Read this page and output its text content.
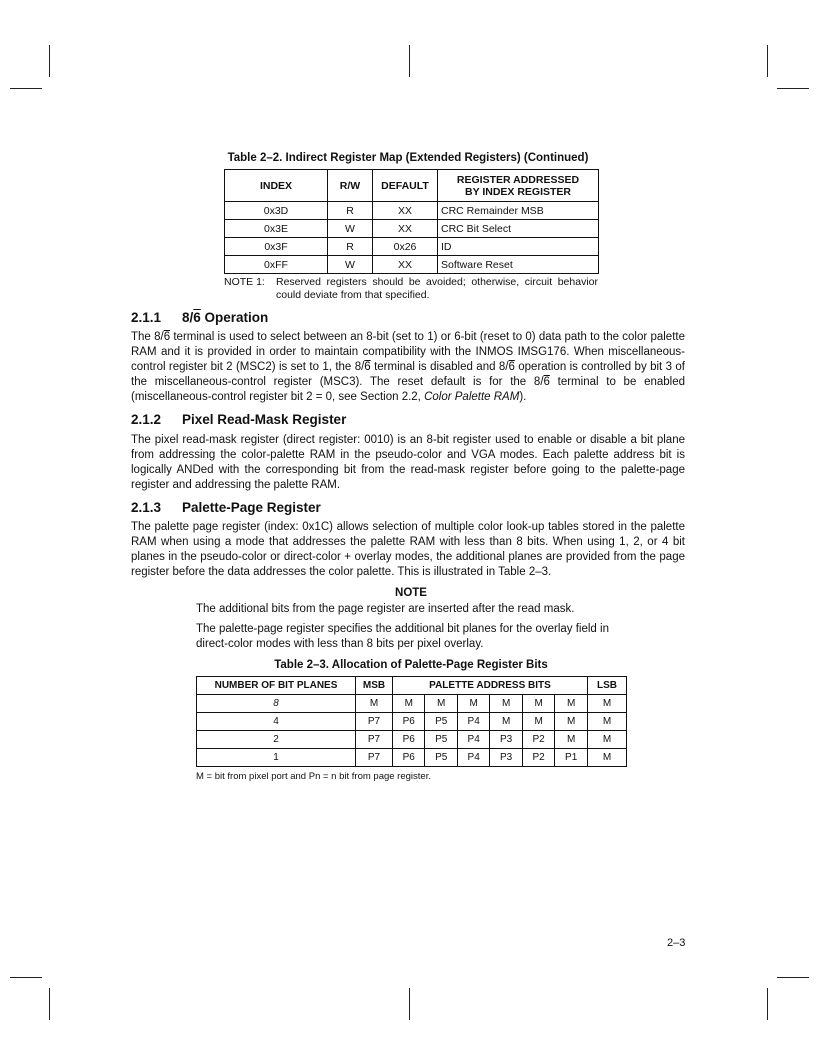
Table 2–2. Indirect Register Map (Extended Registers) (Continued)
INDEX	R/W	DEFAULT	REGISTER ADDRESSED
BY INDEX REGISTER
0x3D	R	XX	CRC Remainder MSB
0x3E	W	XX	CRC Bit Select
0x3F	R	0x26	ID
0xFF	W	XX	Software Reset
NOTE 1: Reserved registers should be avoided; otherwise, circuit behavior could deviate from that specified.
2.1.1 8/6 Operation

The 8/6 terminal is used to select between an 8-bit (set to 1) or 6-bit (reset to 0) data path to the color palette RAM and it is provided in order to maintain compatibility with the INMOS IMSG176. When miscellaneous-control register bit 2 (MSC2) is set to 1, the 8/6 terminal is disabled and 8/6 operation is controlled by bit 3 of the miscellaneous-control register (MSC3). The reset default is for the 8/6 terminal to be enabled (miscellaneous-control register bit 2 = 0, see Section 2.2, Color Palette RAM).

2.1.2 Pixel Read-Mask Register

The pixel read-mask register (direct register: 0010) is an 8-bit register used to enable or disable a bit plane from addressing the color-palette RAM in the pseudo-color and VGA modes. Each palette address bit is logically ANDed with the corresponding bit from the read-mask register before going to the palette-page register and addressing the palette RAM.

2.1.3 Palette-Page Register

The palette page register (index: 0x1C) allows selection of multiple color look-up tables stored in the palette RAM when using a mode that addresses the palette RAM with less than 8 bits. When using 1, 2, or 4 bit planes in the pseudo-color or direct-color + overlay modes, the additional planes are provided from the page register before the data addresses the color palette. This is illustrated in Table 2–3.

NOTE
The additional bits from the page register are inserted after the read mask.
The palette-page register specifies the additional bit planes for the overlay field in direct-color modes with less than 8 bits per pixel overlay.
Table 2–3. Allocation of Palette-Page Register Bits
NUMBER OF BIT PLANES	MSB	PALETTE ADDRESS BITS						LSB
8	M	M	M	M	M	M	M	M
4	P7	P6	P5	P4	M	M	M	M
2	P7	P6	P5	P4	P3	P2	M	M
1	P7	P6	P5	P4	P3	P2	P1	M
M = bit from pixel port and Pn = n bit from page register.
2–3
